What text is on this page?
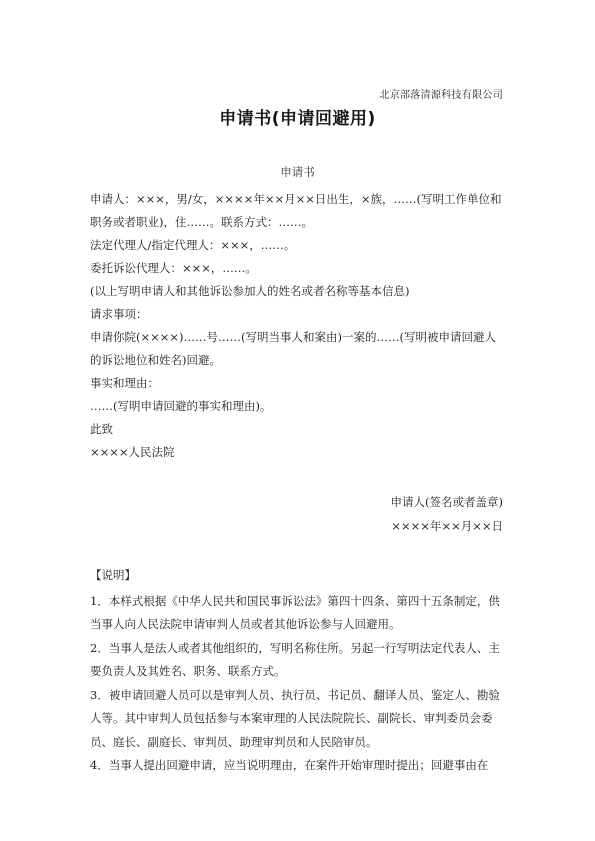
北京部落清源科技有限公司
申请书(申请回避用)
申请书

申请人：×××，男/女，××××年××月××日出生，×族，……(写明工作单位和职务或者职业)，住……。联系方式：……。

法定代理人/指定代理人：×××，……。

委托诉讼代理人：×××，……。

(以上写明申请人和其他诉讼参加人的姓名或者名称等基本信息)

请求事项：

申请你院(××××)……号……(写明当事人和案由)一案的……(写明被申请回避人的诉讼地位和姓名)回避。

事实和理由：

……(写明申请回避的事实和理由)。

此致

××××人民法院

申请人(签名或者盖章)
××××年××月××日

【说明】

1．本样式根据《中华人民共和国民事诉讼法》第四十四条、第四十五条制定，供当事人向人民法院申请审判人员或者其他诉讼参与人回避用。

2．当事人是法人或者其他组织的，写明名称住所。另起一行写明法定代表人、主要负责人及其姓名、职务、联系方式。

3．被申请回避人员可以是审判人员、执行员、书记员、翻译人员、鉴定人、勘验人等。其中审判人员包括参与本案审理的人民法院院长、副院长、审判委员会委员、庭长、副庭长、审判员、助理审判员和人民陪审员。

4．当事人提出回避申请，应当说明理由，在案件开始审理时提出；回避事由在
